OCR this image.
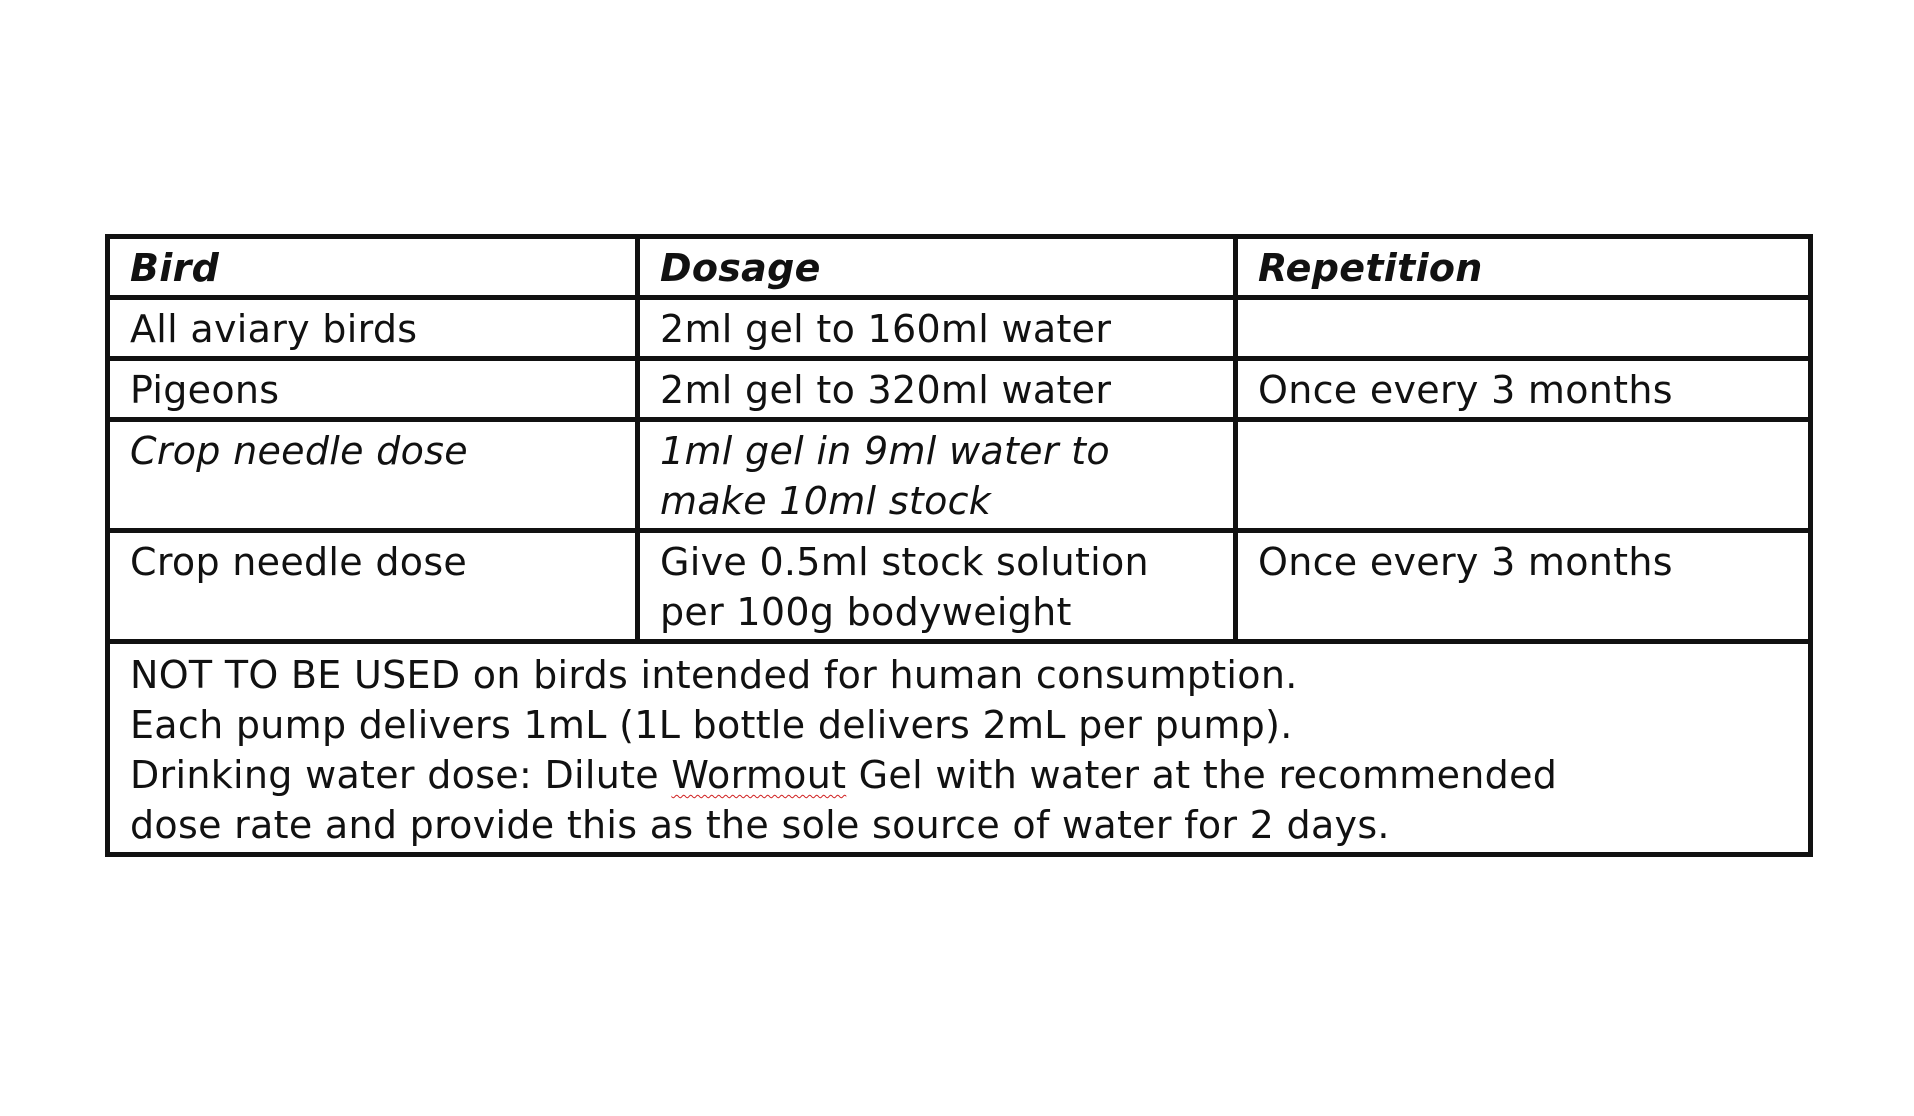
Bird	Dosage	Repetition
All aviary birds	2ml gel to 160ml water	
Pigeons	2ml gel to 320ml water	Once every 3 months
Crop needle dose	1ml gel in 9ml water to make 10ml stock	
Crop needle dose	Give 0.5ml stock solution per 100g bodyweight	Once every 3 months

NOT TO BE USED on birds intended for human consumption.
Each pump delivers 1mL (1L bottle delivers 2mL per pump).
Drinking water dose: Dilute Wormout Gel with water at the recommended
dose rate and provide this as the sole source of water for 2 days.		
